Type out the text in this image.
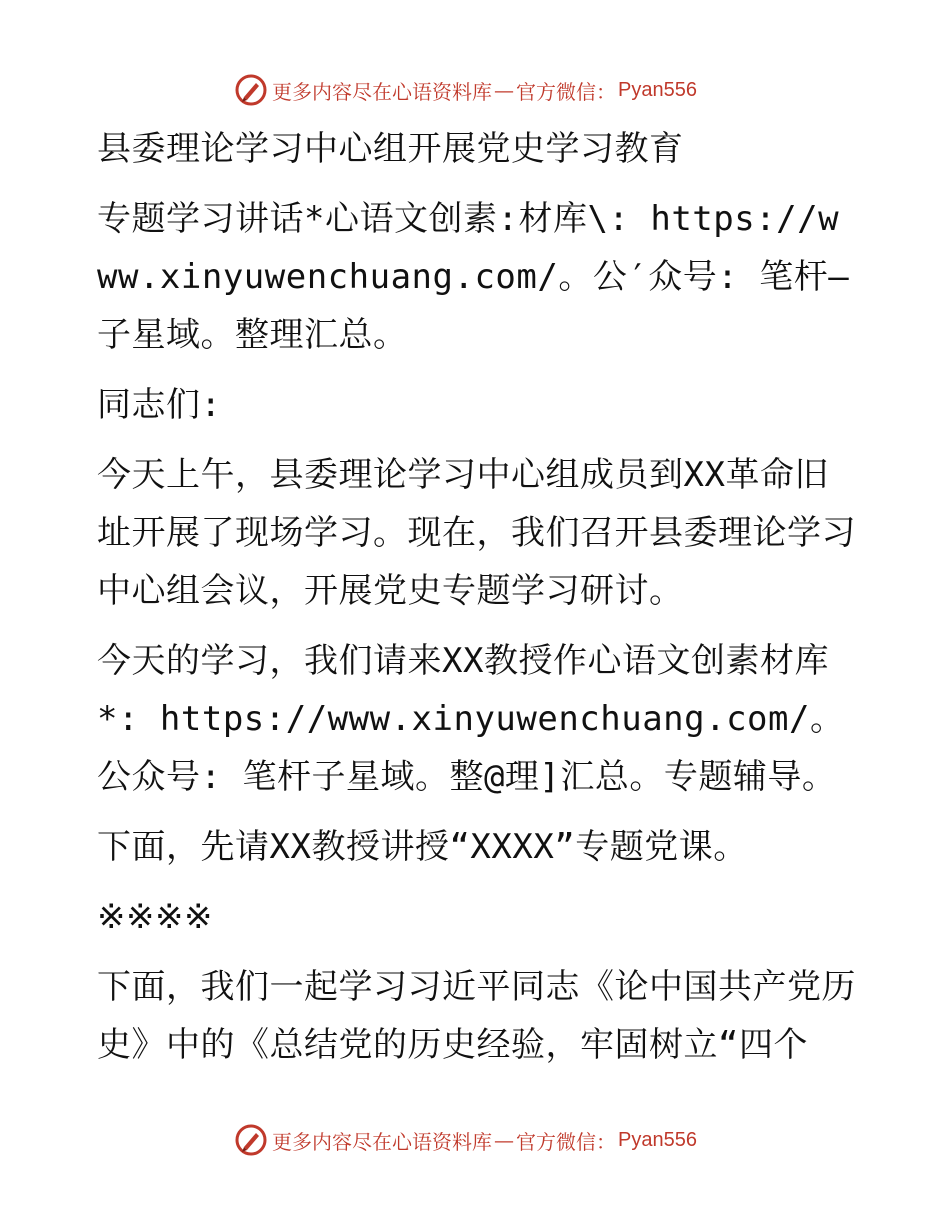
更多内容尽在心语资料库 — 官方微信： Pyan556

县委理论学习中心组开展党史学习教育

专题学习讲话*心语文创素:材库\: https://www.xinyuwenchuang.com/。公′众号: 笔杆—子星域。整理汇总。

同志们:

今天上午，县委理论学习中心组成员到XX革命旧址开展了现场学习。现在，我们召开县委理论学习中心组会议，开展党史专题学习研讨。

今天的学习，我们请来XX教授作心语文创素材库*: https://www.xinyuwenchuang.com/。公众号: 笔杆子星域。整@理]汇总。专题辅导。

下面，先请XX教授讲授“XXXX”专题党课。

※※※※

下面，我们一起学习习近平同志《论中国共产党历史》中的《总结党的历史经验，牢固树立“四个

更多内容尽在心语资料库 — 官方微信： Pyan556
